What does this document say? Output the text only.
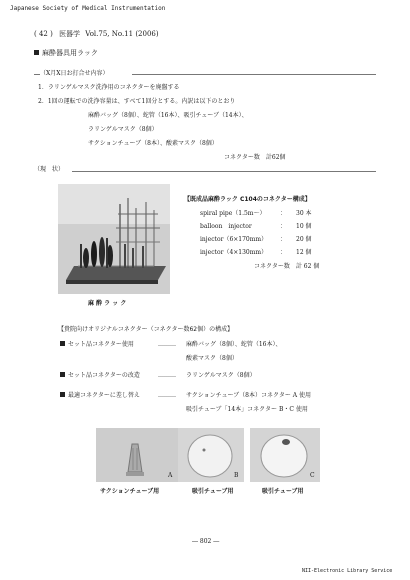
Japanese Society of Medical Instrumentation
( 42 ) 医器学 Vol.75, No.11 (2006)
麻酔器具用ラック
（X月X日お打合せ内容）
1．ラリンゲルマスク洗浄用のコネクターを廃盤する
2．1回の運転での洗浄容量は、すべて1回分とする。内訳は以下のとおり
麻酔バッグ（8個）、蛇管（16本）、吸引チューブ（14本）、
ラリンゲルマスク（8個）
サクションチューブ（8本）、酸素マスク（8個）
コネクター数　計62個
（現　状）
麻 酔 ラ ッ ク
【既成品麻酔ラック C104のコネクター構成】
spiral pipe（1.5m〜） ： 30 本
balloon　injector	： 10 個
injector（6×170mm） ： 20 個
injector（4×130mm） ： 12 個
コネクター数　計 62 個
【貴院向けオリジナルコネクター（コネクター数62個）の構成】
セット品コネクター使用	……… 麻酔バッグ（8個）、蛇管（16本）、
酸素マスク（8個）
セット品コネクターの改造	……… ラリンゲルマスク（8個）
最適コネクターに差し替え	……… サクションチューブ（8本）コネクター A 使用
吸引チューブ「14本」コネクター B・C 使用
A	B	C
サクションチューブ用	吸引チューブ用	吸引チューブ用
― 802 ―
NII-Electronic Library Service
